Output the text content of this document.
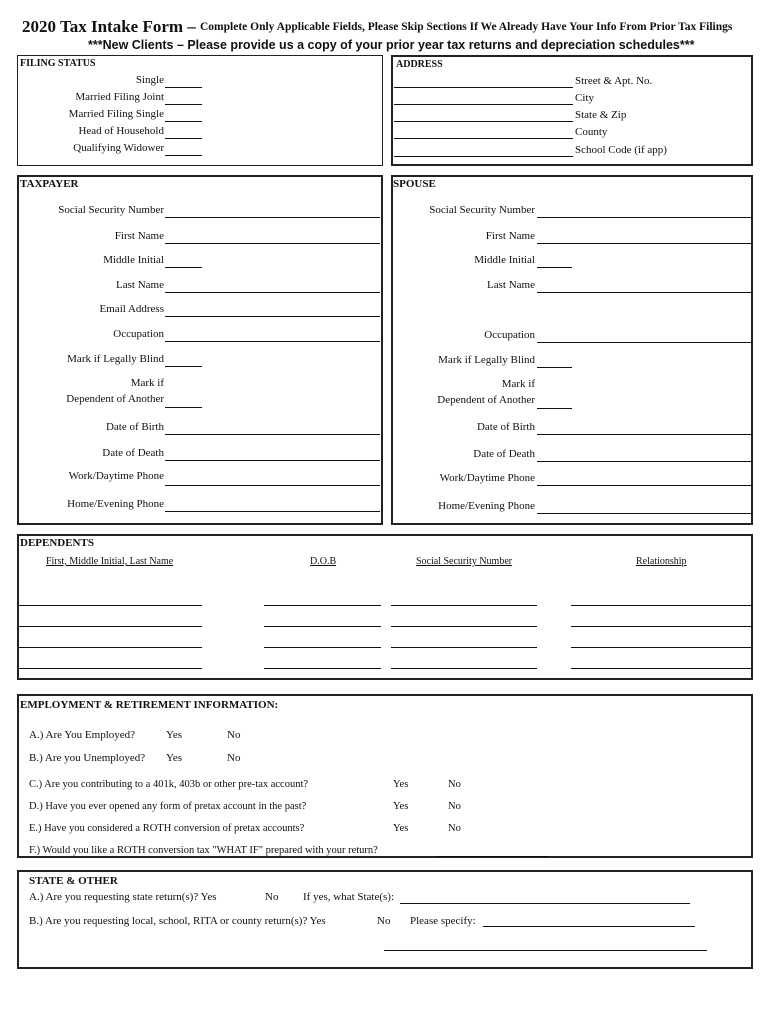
2020 Tax Intake Form – Complete Only Applicable Fields, Please Skip Sections If We Already Have Your Info From Prior Tax Filings
***New Clients – Please provide us a copy of your prior year tax returns and depreciation schedules***
FILING STATUS
Single
Married Filing Joint
Married Filing Single
Head of Household
Qualifying Widower
ADDRESS
Street & Apt. No.
City
State & Zip
County
School Code (if app)
TAXPAYER
Social Security Number
First Name
Middle Initial
Last Name
Email Address
Occupation
Mark if Legally Blind
Mark if
Dependent of Another
Date of Birth
Date of Death
Work/Daytime Phone
Home/Evening Phone
SPOUSE
Social Security Number
First Name
Middle Initial
Last Name
Occupation
Mark if Legally Blind
Mark if
Dependent of Another
Date of Birth
Date of Death
Work/Daytime Phone
Home/Evening Phone
DEPENDENTS
First, Middle Initial, Last Name	D.O.B	Social Security Number	Relationship
EMPLOYMENT & RETIREMENT INFORMATION:
A.) Are You Employed?	Yes	No
B.) Are you Unemployed? Yes	No
C.) Are you contributing to a 401k, 403b or other pre-tax account?	Yes	No
D.) Have you ever opened any form of pretax account in the past?	Yes	No
E.) Have you considered a ROTH conversion of pretax accounts?	Yes	No
F.) Would you like a ROTH conversion tax "WHAT IF" prepared with your return?
STATE & OTHER
A.) Are you requesting state return(s)? Yes	No If yes, what State(s):
B.) Are you requesting local, school, RITA or county return(s)? Yes	No Please specify:
